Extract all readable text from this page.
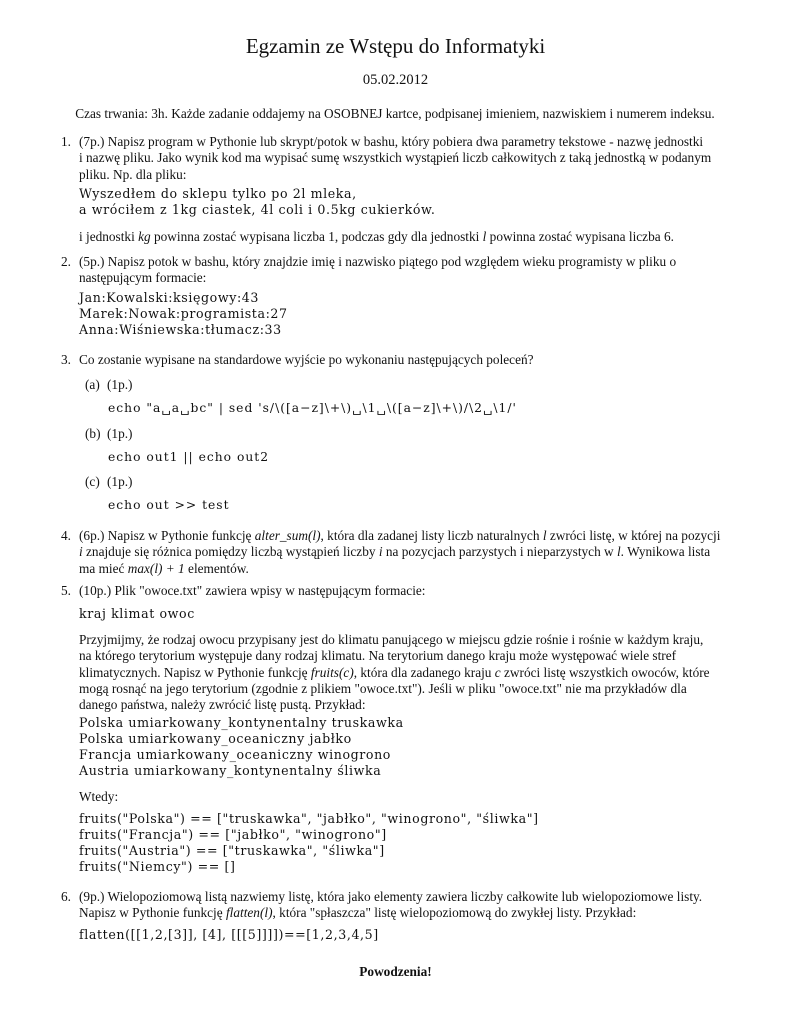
Egzamin ze Wstępu do Informatyki
05.02.2012
Czas trwania: 3h. Każde zadanie oddajemy na OSOBNEJ kartce, podpisanej imieniem, nazwiskiem i numerem indeksu.
1. (7p.) Napisz program w Pythonie lub skrypt/potok w bashu, który pobiera dwa parametry tekstowe - nazwę jednostki
i nazwę pliku. Jako wynik kod ma wypisać sumę wszystkich wystąpień liczb całkowitych z taką jednostką w podanym
pliku. Np. dla pliku:
Wyszedłem do sklepu tylko po 2l mleka,
a wróciłem z 1kg ciastek, 4l coli i 0.5kg cukierków.
i jednostki kg powinna zostać wypisana liczba 1, podczas gdy dla jednostki l powinna zostać wypisana liczba 6.
2. (5p.) Napisz potok w bashu, który znajdzie imię i nazwisko piątego pod względem wieku programisty w pliku o
następującym formacie:
Jan:Kowalski:księgowy:43
Marek:Nowak:programista:27
Anna:Wiśniewska:tłumacz:33
3. Co zostanie wypisane na standardowe wyjście po wykonaniu następujących poleceń?
(a) (1p.)
echo "a␣a␣bc" | sed 's/\([a−z]\+\)␣\1␣\([a−z]\+\)/\2␣\1/'
(b) (1p.)
echo out1 || echo out2
(c) (1p.)
echo out >> test
4. (6p.) Napisz w Pythonie funkcję alter_sum(l), która dla zadanej listy liczb naturalnych l zwróci listę, w której na pozycji
i znajduje się różnica pomiędzy liczbą wystąpień liczby i na pozycjach parzystych i nieparzystych w l. Wynikowa lista
ma mieć max(l) + 1 elementów.
5. (10p.) Plik "owoce.txt" zawiera wpisy w następującym formacie:
kraj klimat owoc
Przyjmijmy, że rodzaj owocu przypisany jest do klimatu panującego w miejscu gdzie rośnie i rośnie w każdym kraju,
na którego terytorium występuje dany rodzaj klimatu. Na terytorium danego kraju może występować wiele stref
klimatycznych. Napisz w Pythonie funkcję fruits(c), która dla zadanego kraju c zwróci listę wszystkich owoców, które
mogą rosnąć na jego terytorium (zgodnie z plikiem "owoce.txt"). Jeśli w pliku "owoce.txt" nie ma przykładów dla
danego państwa, należy zwrócić listę pustą. Przykład:
Polska umiarkowany_kontynentalny truskawka
Polska umiarkowany_oceaniczny jabłko
Francja umiarkowany_oceaniczny winogrono
Austria umiarkowany_kontynentalny śliwka
Wtedy:
fruits("Polska") == ["truskawka", "jabłko", "winogrono", "śliwka"]
fruits("Francja") == ["jabłko", "winogrono"]
fruits("Austria") == ["truskawka", "śliwka"]
fruits("Niemcy") == []
6. (9p.) Wielopoziomową listą nazwiemy listę, która jako elementy zawiera liczby całkowite lub wielopoziomowe listy.
Napisz w Pythonie funkcję flatten(l), która "spłaszcza" listę wielopoziomową do zwykłej listy. Przykład:
flatten([[1,2,[3]], [4], [[[5]]]])==[1,2,3,4,5]
Powodzenia!
